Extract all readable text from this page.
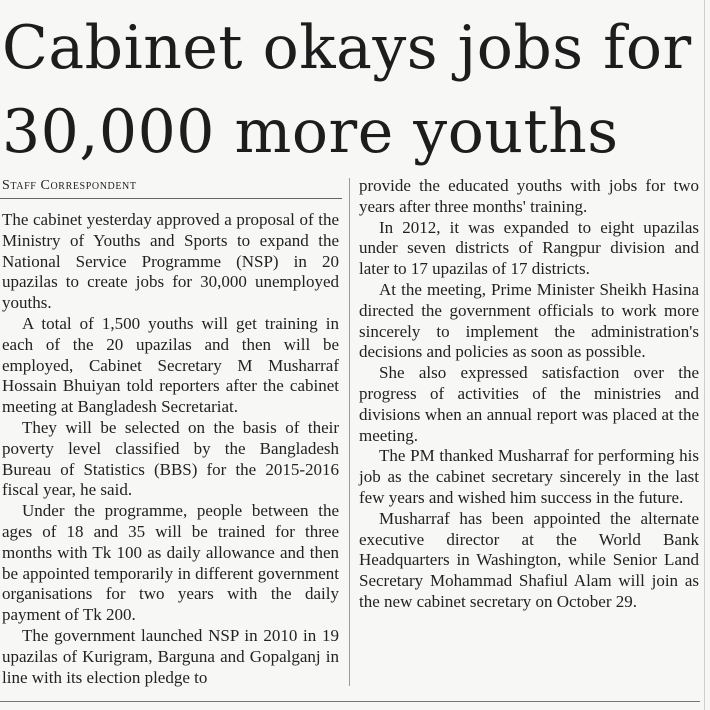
Cabinet okays jobs for 30,000 more youths
Staff Correspondent

The cabinet yesterday approved a proposal of the Ministry of Youths and Sports to expand the National Service Programme (NSP) in 20 upazilas to create jobs for 30,000 unemployed youths.

A total of 1,500 youths will get training in each of the 20 upazilas and then will be employed, Cabinet Secretary M Musharraf Hossain Bhuiyan told reporters after the cabinet meeting at Bangladesh Secretariat.

They will be selected on the basis of their poverty level classified by the Bangladesh Bureau of Statistics (BBS) for the 2015-2016 fiscal year, he said.

Under the programme, people between the ages of 18 and 35 will be trained for three months with Tk 100 as daily allowance and then be appointed temporarily in different government organisations for two years with the daily payment of Tk 200.

The government launched NSP in 2010 in 19 upazilas of Kurigram, Barguna and Gopalganj in line with its election pledge to

provide the educated youths with jobs for two years after three months' training.

In 2012, it was expanded to eight upazilas under seven districts of Rangpur division and later to 17 upazilas of 17 districts.

At the meeting, Prime Minister Sheikh Hasina directed the government officials to work more sincerely to implement the administration's decisions and policies as soon as possible.

She also expressed satisfaction over the progress of activities of the ministries and divisions when an annual report was placed at the meeting.

The PM thanked Musharraf for performing his job as the cabinet secretary sincerely in the last few years and wished him success in the future.

Musharraf has been appointed the alternate executive director at the World Bank Headquarters in Washington, while Senior Land Secretary Mohammad Shafiul Alam will join as the new cabinet secretary on October 29.
